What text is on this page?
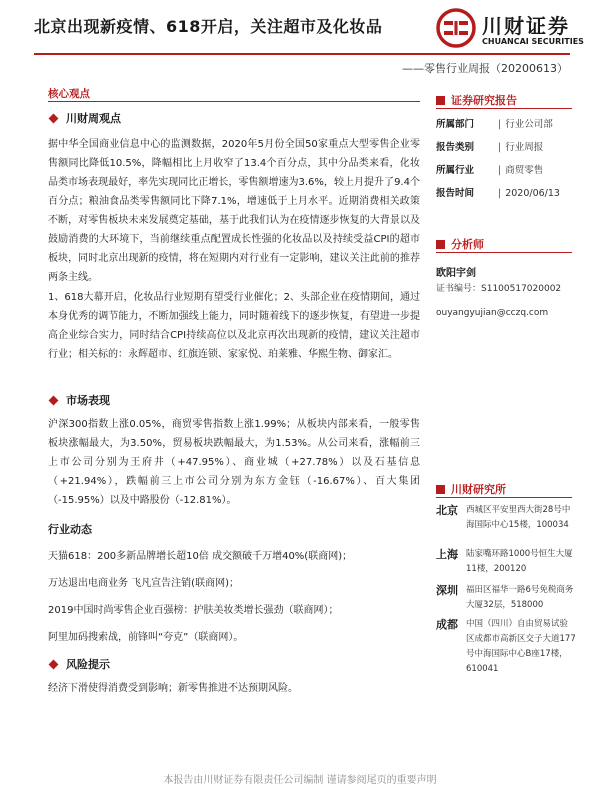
北京出现新疫情、618开启，关注超市及化妆品	川财证券
CHUANCAI SECURITIES
——零售行业周报（20200613）
核心观点
川财周观点
据中华全国商业信息中心的监测数据，2020年5月份全国50家重点大型零售企业零售额同比降低10.5%，降幅相比上月收窄了13.4个百分点，其中分品类来看，化妆品类市场表现最好，率先实现同比正增长，零售额增速为3.6%，较上月提升了9.4个百分点；粮油食品类零售额同比下降7.1%，增速低于上月水平。近期消费相关政策不断，对零售板块未来发展奠定基础，基于此我们认为在疫情逐步恢复的大背景以及鼓励消费的大环境下，当前继续重点配置成长性强的化妆品以及持续受益CPI的超市板块，同时北京出现新的疫情，将在短期内对行业有一定影响，建议关注此前的推荐两条主线。
1、618大幕开启，化妆品行业短期有望受行业催化；2、头部企业在疫情期间，通过本身优秀的调节能力，不断加强线上能力，同时随着线下的逐步恢复，有望进一步提高企业综合实力，同时结合CPI持续高位以及北京再次出现新的疫情，建议关注超市行业；相关标的：永辉超市、红旗连锁、家家悦、珀莱雅、华熙生物、御家汇。
市场表现
沪深300指数上涨0.05%，商贸零售指数上涨1.99%；从板块内部来看，一般零售板块涨幅最大，为3.50%，贸易板块跌幅最大，为1.53%。从公司来看，涨幅前三上市公司分别为王府井（+47.95%）、商业城（+27.78%）以及石基信息（+21.94%），跌幅前三上市公司分别为东方金钰（-16.67%）、百大集团（-15.95%）以及中路股份（-12.81%）。
行业动态
天猫618：200多新品牌增长超10倍 成交额破千万增40%(联商网)；
万达退出电商业务 飞凡宣告注销(联商网)；
2019中国时尚零售企业百强榜：护肤美妆类增长强劲（联商网）；
阿里加码搜索战，前锋叫“夸克”（联商网）。
风险提示
经济下滑使得消费受到影响；新零售推进不达预期风险。
证券研究报告
所属部门	| 行业公司部
报告类别	| 行业周报
所属行业	| 商贸零售
报告时间	| 2020/06/13
分析师
欧阳宇剑
证书编号：S1100517020002
ouyangyujian@cczq.com
川财研究所
北京 西城区平安里西大街28号中海国际中心15楼，100034
上海 陆家嘴环路1000号恒生大厦11楼，200120
深圳 福田区福华一路6号免税商务大厦32层，518000
成都 中国（四川）自由贸易试验区成都市高新区交子大道177号中海国际中心B座17楼，610041
本报告由川财证券有限责任公司编制 谨请参阅尾页的重要声明
